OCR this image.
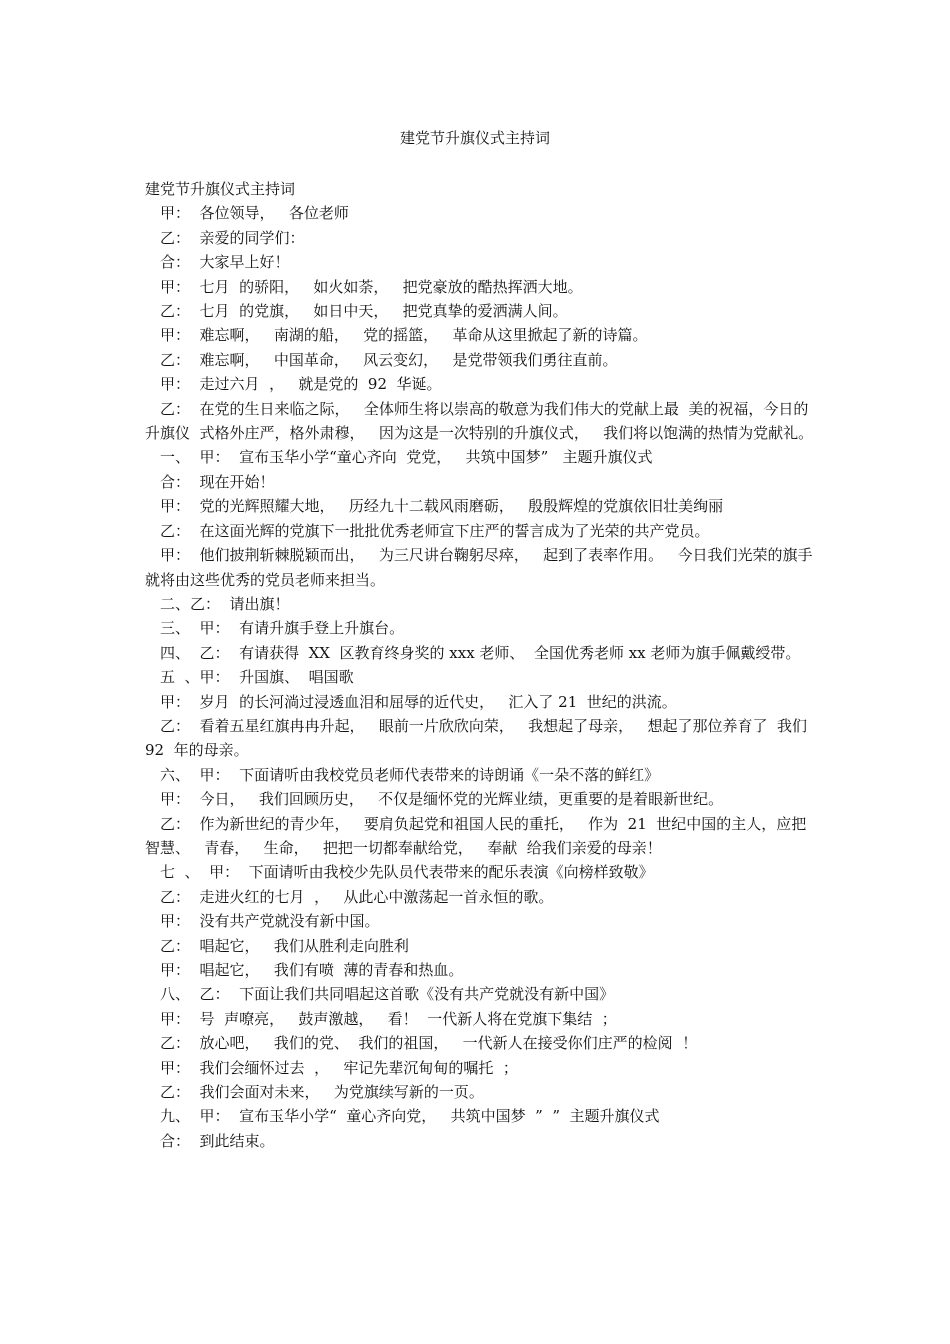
建党节升旗仪式主持词

建党节升旗仪式主持词

甲：  各位领导，   各位老师

乙：  亲爱的同学们：

合：  大家早上好！

甲：  七月  的骄阳，   如火如荼，   把党豪放的酷热挥洒大地。

乙：  七月  的党旗，   如日中天，   把党真挚的爱洒满人间。

甲：  难忘啊，   南湖的船，   党的摇篮，   革命从这里掀起了新的诗篇。

乙：  难忘啊，   中国革命，   风云变幻，   是党带领我们勇往直前。

甲：  走过六月  ，   就是党的  92  华诞。

乙：  在党的生日来临之际，   全体师生将以崇高的敬意为我们伟大的党献上最  美的祝福，今日的升旗仪  式格外庄严，格外肃穆，   因为这是一次特别的升旗仪式，   我们将以饱满的热情为党献礼。

一、  甲：  宣布玉华小学“童心齐向  党党，   共筑中国梦”   主题升旗仪式

合：  现在开始！

甲：  党的光辉照耀大地，   历经九十二载风雨磨砺，   殷殷辉煌的党旗依旧壮美绚丽

乙：  在这面光辉的党旗下一批批优秀老师宣下庄严的誓言成为了光荣的共产党员。

甲：  他们披荆斩棘脱颖而出，   为三尺讲台鞠躬尽瘁，   起到了表率作用。   今日我们光荣的旗手就将由这些优秀的党员老师来担当。

二、乙：  请出旗！

三、  甲：  有请升旗手登上升旗台。

四、  乙：  有请获得  XX  区教育终身奖的 xxx 老师、  全国优秀老师 xx 老师为旗手佩戴绶带。

五  、甲：  升国旗、  唱国歌

甲：  岁月  的长河淌过浸透血泪和屈辱的近代史，   汇入了 21  世纪的洪流。

乙：  看着五星红旗冉冉升起，   眼前一片欣欣向荣，   我想起了母亲，   想起了那位养育了  我们  92  年的母亲。

六、  甲：  下面请听由我校党员老师代表带来的诗朗诵《一朵不落的鲜红》

甲：  今日，   我们回顾历史，   不仅是缅怀党的光辉业绩，更重要的是着眼新世纪。

乙：  作为新世纪的青少年，   要肩负起党和祖国人民的重托，   作为  21  世纪中国的主人，应把智慧、   青春，   生命，   把把一切都奉献给党，   奉献  给我们亲爱的母亲！

七  、  甲：  下面请听由我校少先队员代表带来的配乐表演《向榜样致敬》

乙：  走进火红的七月  ，   从此心中激荡起一首永恒的歌。

甲：  没有共产党就没有新中国。

乙：  唱起它，   我们从胜利走向胜利

甲：  唱起它，   我们有喷  薄的青春和热血。

八、  乙：  下面让我们共同唱起这首歌《没有共产党就没有新中国》

甲：  号  声嘹亮，   鼓声激越，   看！  一代新人将在党旗下集结  ；

乙：  放心吧，   我们的党、  我们的祖国，   一代新人在接受你们庄严的检阅  ！

甲：  我们会缅怀过去  ，   牢记先辈沉甸甸的嘱托  ；

乙：  我们会面对未来，   为党旗续写新的一页。

九、  甲：  宣布玉华小学“  童心齐向党，   共筑中国梦  ”  ”  主题升旗仪式

合：  到此结束。
